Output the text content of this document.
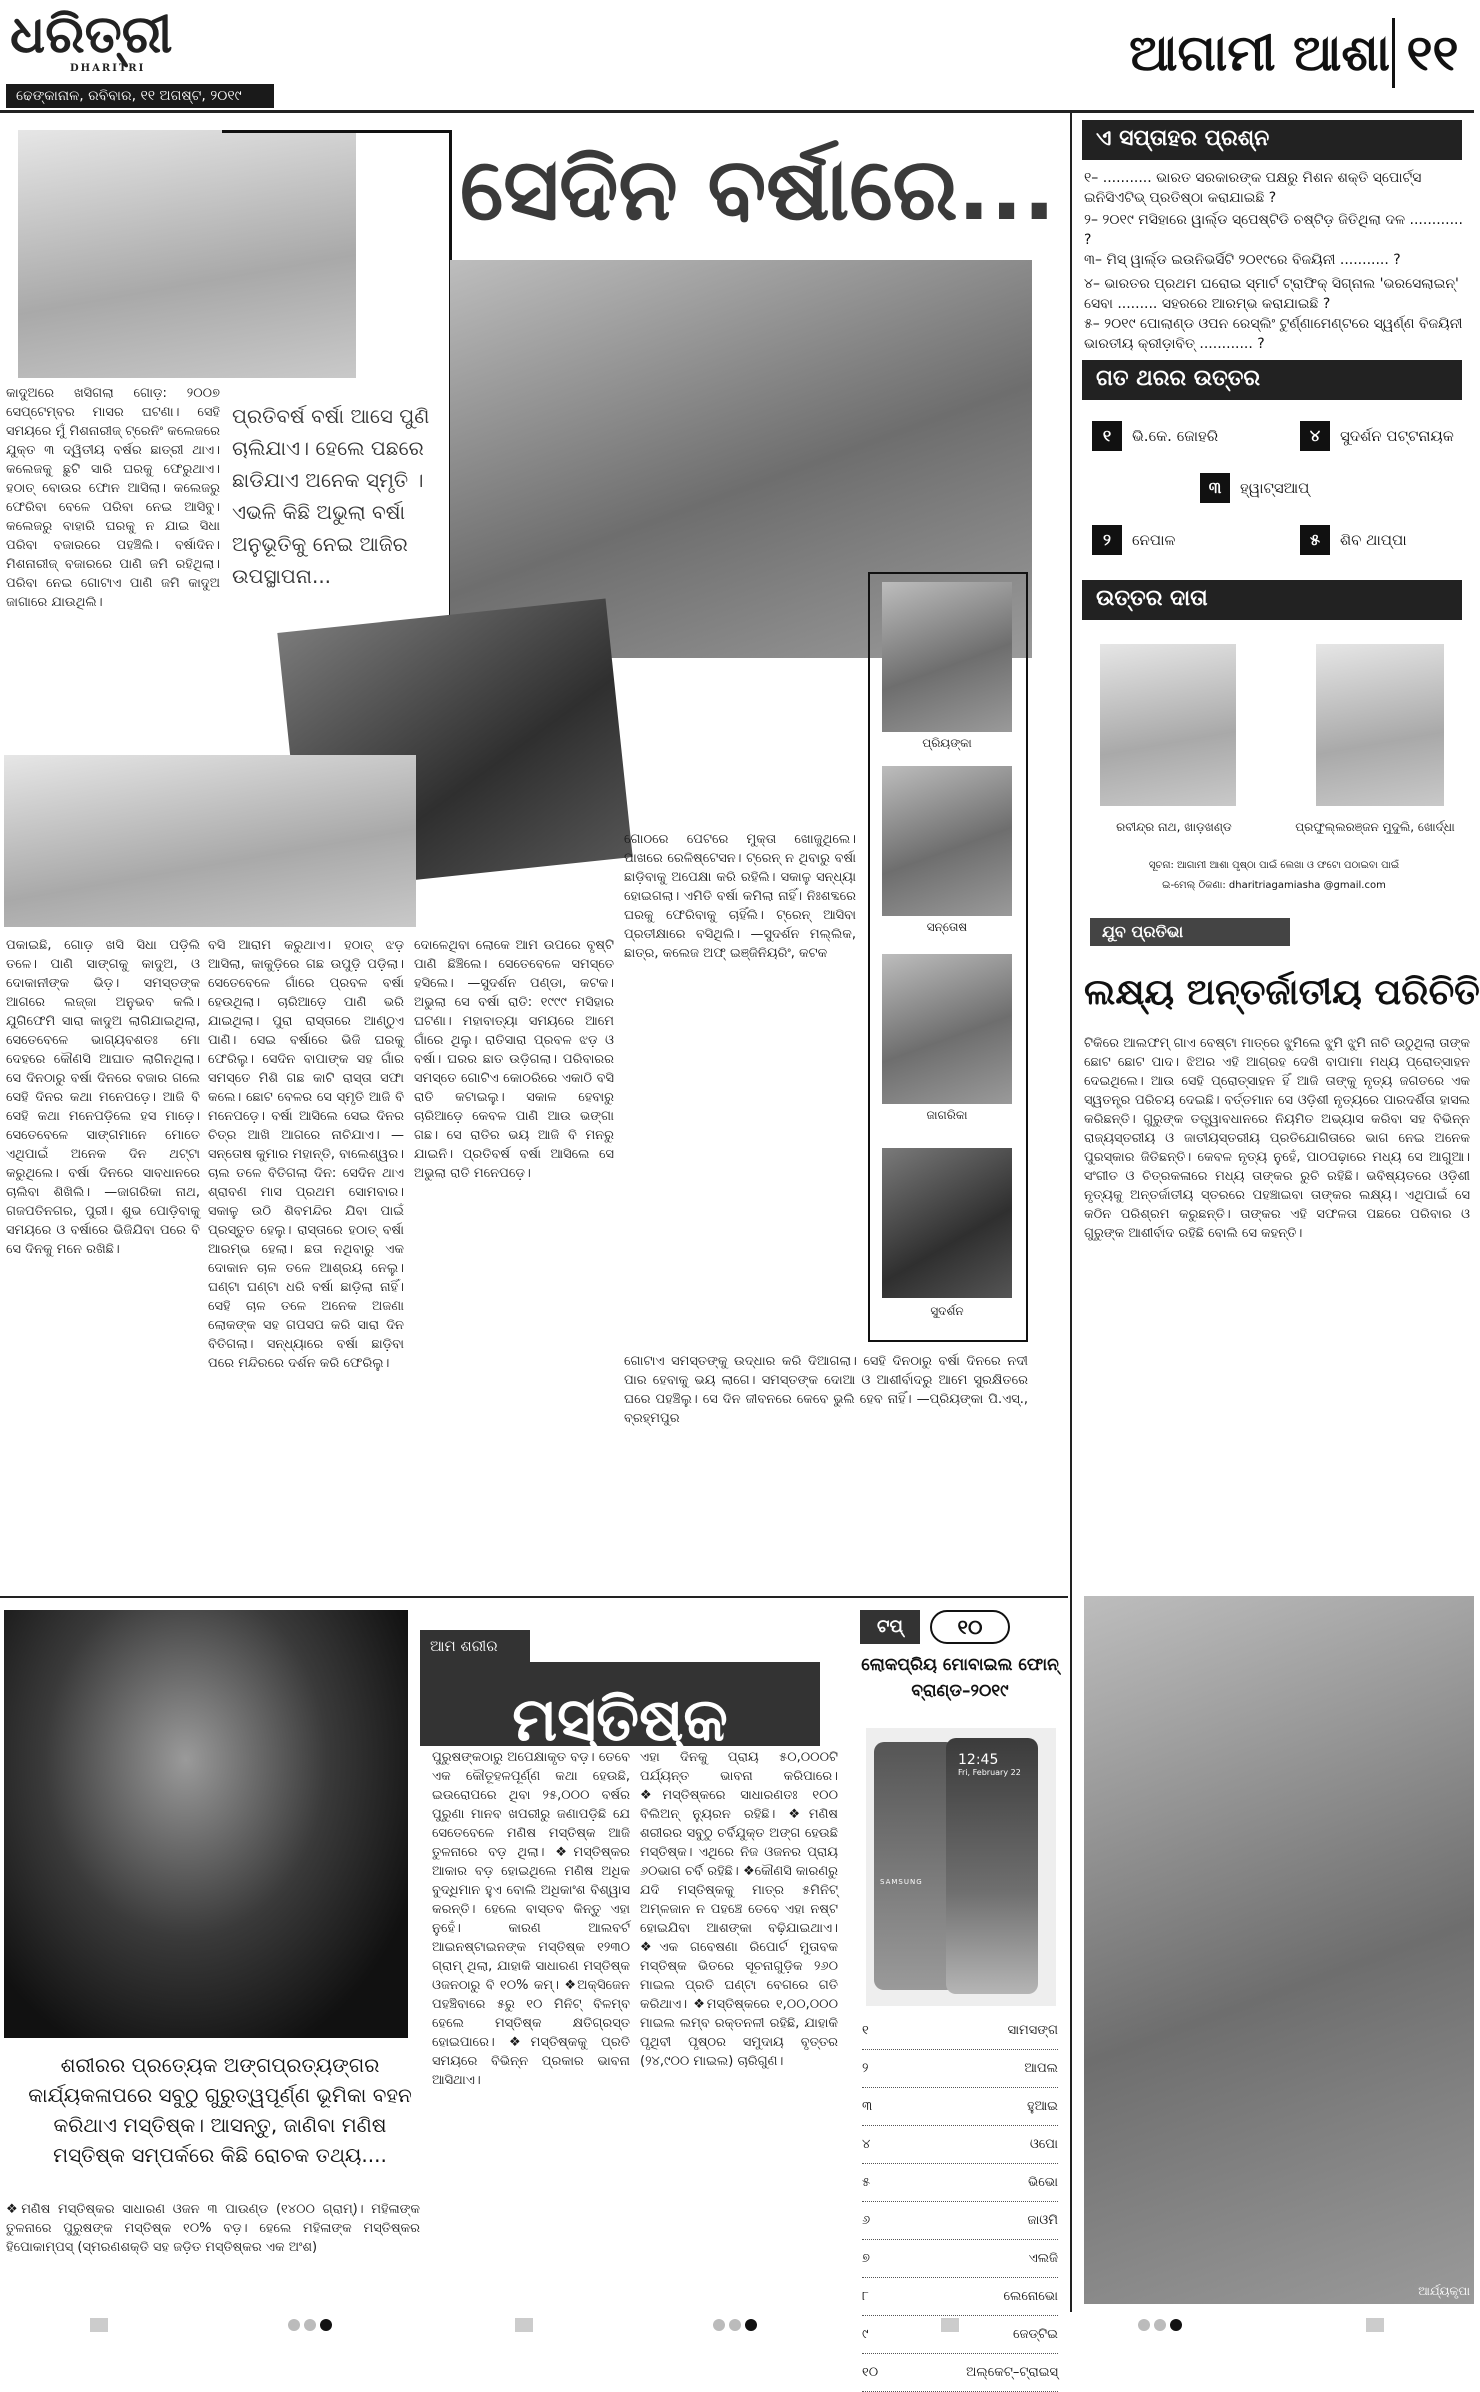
ଧରିତ୍ରୀ
DHARITRI
ଢେଙ୍କାନାଳ, ରବିବାର, ୧୧ ଅଗଷ୍ଟ, ୨୦୧୯
ଆଗାମୀ ଆଶା ୧୧
ସେଦିନ ବର୍ଷାରେ...
କାଦୁଅରେ ଖସିଗଲା ଗୋଡ଼: ୨୦୦୭ ସେପ୍ଟେମ୍ବର ମାସର ଘଟଣା। ସେହି ସମୟରେ ମୁଁ ମିଶନାରୀଜ୍ ଟ୍ରେନିଂ କଲେଜରେ ଯୁକ୍ତ ୩ ଦ୍ୱିତୀୟ ବର୍ଷର ଛାତ୍ରୀ ଥାଏ। କଲେଜକୁ ଛୁଟି ସାରି ଘରକୁ ଫେରୁଥାଏ। ହଠାତ୍ ବୋଉର ଫୋନ ଆସିଲା। କଲେଜରୁ ଫେରିବା ବେଳେ ପରିବା ନେଇ ଆସିବୁ। କଲେଜରୁ ବାହାରି ଘରକୁ ନ ଯାଇ ସିଧା ପରିବା ବଜାରରେ ପହଞ୍ଚିଲି। ବର୍ଷାଦିନ। ମିଶନାରୀଜ୍ ବଜାରରେ ପାଣି ଜମି ରହିଥିଲା। ପରିବା ନେଇ ଗୋଟାଏ ପାଣି ଜମି କାଦୁଅ ଜାଗାରେ ଯାଉଥିଲି।
ପ୍ରତିବର୍ଷ ବର୍ଷା ଆସେ ପୁଣି ଚାଲିଯାଏ। ହେଲେ ପଛରେ ଛାଡିଯାଏ ଅନେକ ସ୍ମୃତି । ଏଭଳି କିଛି ଅଭୁଲା ବର୍ଷା ଅନୁଭୂତିକୁ ନେଇ ଆଜିର ଉପସ୍ଥାପନା...
ପ୍ରିୟଙ୍କା
ସନ୍ତୋଷ
ଜାଗରିକା
ସୁଦର୍ଶନ
ପକାଇଛି, ଗୋଡ଼ ଖସି ସିଧା ପଡ଼ିଲି ତଳେ। ପାଣି ସାଙ୍ଗକୁ କାଦୁଅ, ଓ ଦୋକାନୀଙ୍କ ଭିଡ଼। ସମସ୍ତଙ୍କ ଆଗରେ ଲଜ୍ଜା ଅନୁଭବ କଲି। ଯୁଗିଫେମି ସାରା କାଦୁଅ ଲାଗିଯାଇଥିଲା, ସେତେବେଳେ ଭାଗ୍ୟବଶତଃ ମୋ ଦେହରେ କୌଣସି ଆଘାତ ଲାଗିନଥିଲା। ସେ ଦିନଠାରୁ ବର୍ଷା ଦିନରେ ବଜାର ଗଲେ ସେହି ଦିନର କଥା ମନେପଡ଼େ। ଆଜି ବି ସେହି କଥା ମନେପଡ଼ିଲେ ହସ ମାଡ଼େ। ସେତେବେଳେ ସାଙ୍ଗମାନେ ମୋତେ ଏଥିପାଇଁ ଅନେକ ଦିନ ଥଟ୍ଟା କରୁଥିଲେ। ବର୍ଷା ଦିନରେ ସାବଧାନରେ ଚାଲିବା ଶିଖିଲି। —ଜାଗରିକା ନାଥ, ଗଜପତିନଗର, ପୁରୀ। ଶୁଭ ପୋଡ଼ିବାକୁ ସମୟରେ ଓ ବର୍ଷାରେ ଭିଜିଯିବା ପରେ ବି ସେ ଦିନକୁ ମନେ ରଖିଛି।
ବସି ଆରାମ କରୁଥାଏ। ହଠାତ୍ ଝଡ଼ ଆସିଲା, କାକୁଡ଼ିରେ ଗଛ ଉପୁଡ଼ି ପଡ଼ିଲା। ସେତେବେଳେ ଗାଁରେ ପ୍ରବଳ ବର୍ଷା ହେଉଥିଲା। ଚାରିଆଡ଼େ ପାଣି ଭରି ଯାଇଥିଲା। ପୁରା ରାସ୍ତାରେ ଆଣ୍ଠୁଏ ପାଣି। ସେଇ ବର୍ଷାରେ ଭିଜି ଘରକୁ ଫେରିଲୁ। ସେଦିନ ବାପାଙ୍କ ସହ ଗାଁର ସମସ୍ତେ ମିଶି ଗଛ କାଟି ରାସ୍ତା ସଫା କଲେ। ଛୋଟ ବେଳର ସେ ସ୍ମୃତି ଆଜି ବି ମନେପଡ଼େ। ବର୍ଷା ଆସିଲେ ସେଇ ଦିନର ଚିତ୍ର ଆଖି ଆଗରେ ନାଚିଯାଏ। —ସନ୍ତୋଷ କୁମାର ମହାନ୍ତି, ବାଲେଶ୍ୱର। ଚାଲ ତଳେ ବିତିଗଲା ଦିନ: ସେଦିନ ଥାଏ ଶ୍ରାବଣ ମାସ ପ୍ରଥମ ସୋମବାର। ସକାଳୁ ଉଠି ଶିବମନ୍ଦିର ଯିବା ପାଇଁ ପ୍ରସ୍ତୁତ ହେଲୁ। ରାସ୍ତାରେ ହଠାତ୍ ବର୍ଷା ଆରମ୍ଭ ହେଲା। ଛତା ନଥିବାରୁ ଏକ ଦୋକାନ ଚାଳ ତଳେ ଆଶ୍ରୟ ନେଲୁ। ଘଣ୍ଟା ଘଣ୍ଟା ଧରି ବର୍ଷା ଛାଡ଼ିଲା ନାହିଁ। ସେହି ଚାଳ ତଳେ ଅନେକ ଅଜଣା ଲୋକଙ୍କ ସହ ଗପସପ କରି ସାରା ଦିନ ବିତିଗଲା। ସନ୍ଧ୍ୟାରେ ବର୍ଷା ଛାଡ଼ିବା ପରେ ମନ୍ଦିରରେ ଦର୍ଶନ କରି ଫେରିଲୁ।
ଦୋଳେଥିବା ଲୋକେ ଆମ ଉପରେ ବୃଷ୍ଟି ପାଣି ଛିଞ୍ଚିଲେ। ସେତେବେଳେ ସମସ୍ତେ ହସିଲେ। —ସୁଦର୍ଶନ ପଣ୍ଡା, କଟକ। ଅଭୁଲା ସେ ବର୍ଷା ରାତି: ୧୯୯୯ ମସିହାର ଘଟଣା। ମହାବାତ୍ୟା ସମୟରେ ଆମେ ଗାଁରେ ଥିଲୁ। ରାତିସାରା ପ୍ରବଳ ଝଡ଼ ଓ ବର୍ଷା। ଘରର ଛାତ ଉଡ଼ିଗଲା। ପରିବାରର ସମସ୍ତେ ଗୋଟିଏ କୋଠରିରେ ଏକାଠି ବସି ରାତି କଟାଇଲୁ। ସକାଳ ହେବାରୁ ଚାରିଆଡ଼େ କେବଳ ପାଣି ଆଉ ଭଙ୍ଗା ଗଛ। ସେ ରାତିର ଭୟ ଆଜି ବି ମନରୁ ଯାଇନି। ପ୍ରତିବର୍ଷ ବର୍ଷା ଆସିଲେ ସେ ଅଭୁଲା ରାତି ମନେପଡ଼େ।
ଗୋଠରେ ପେଟରେ ମୁକ୍ତା ଖୋଜୁଥିଲେ। ପାଖରେ ରେଳିଷ୍ଟେସନ। ଟ୍ରେନ୍ ନ ଥିବାରୁ ବର୍ଷା ଛାଡ଼ିବାକୁ ଅପେକ୍ଷା କରି ରହିଲି। ସକାଳୁ ସନ୍ଧ୍ୟା ହୋଇଗଲା। ଏମିତି ବର୍ଷା କମିଲା ନାହିଁ। ନିଃଶବ୍ଦରେ ଘରକୁ ଫେରିବାକୁ ଚାହିଁଲି। ଟ୍ରେନ୍ ଆସିବା ପ୍ରତୀକ୍ଷାରେ ବସିଥିଲି। —ସୁଦର୍ଶନ ମଲ୍ଲିକ, ଛାତ୍ର, କଲେଜ ଅଫ୍ ଇଞ୍ଜିନିୟରିଂ, କଟକ
ଗୋଟାଏ ସମସ୍ତଙ୍କୁ ଉଦ୍ଧାର କରି ଦିଆଗଲା। ସେହି ଦିନଠାରୁ ବର୍ଷା ଦିନରେ ନଦୀ ପାର ହେବାକୁ ଭୟ ଲାଗେ। ସମସ୍ତଙ୍କ ଦୋଆ ଓ ଆଶୀର୍ବାଦରୁ ଆମେ ସୁରକ୍ଷିତରେ ଘରେ ପହଞ୍ଚିଲୁ। ସେ ଦିନ ଜୀବନରେ କେବେ ଭୁଲି ହେବ ନାହିଁ। —ପ୍ରିୟଙ୍କା ପି.ଏସ୍., ବ୍ରହ୍ମପୁର
ଏ ସପ୍ତାହର ପ୍ରଶ୍ନ
୧– ........... ଭାରତ ସରକାରଙ୍କ ପକ୍ଷରୁ ମିଶନ ଶକ୍ତି ସ୍ପୋର୍ଟ୍ସ ଇନିସିଏଟିଭ୍ ପ୍ରତିଷ୍ଠା କରାଯାଇଛି ?
୨– ୨୦୧୯ ମସିହାରେ ୱାର୍ଲ୍ଡ ସ୍ପେଷ୍ଟିଡି ଚଷ୍ଟିଡ଼ ଜିତିଥିଲା ଦଳ ............ ?
୩– ମିସ୍ ୱାର୍ଲ୍ଡ ଇଉନିଭର୍ସିଟି ୨୦୧୯ରେ ବିଜୟିନୀ ........... ?
୪– ଭାରତର ପ୍ରଥମ ଘରୋଇ ସ୍ମାର୍ଟ ଟ୍ରାଫିକ୍ ସିଗ୍ନାଲ 'ଭରସେଲାଇନ୍' ସେବା ......... ସହରରେ ଆରମ୍ଭ କରାଯାଇଛି ?
୫– ୨୦୧୯ ପୋଲାଣ୍ଡ ଓପନ ରେସ୍‌ଲିଂ ଟୁର୍ଣ୍ଣାମେଣ୍ଟରେ ସ୍ୱର୍ଣ୍ଣ ବିଜୟିନୀ ଭାରତୀୟ କ୍ରୀଡ଼ାବିତ୍ ............ ?
ଗତ ଥରର ଉତ୍ତର
୧ ଭି.କେ. ଜୋହରି	୪ ସୁଦର୍ଶନ ପଟ୍ଟନାୟକ
୩ ହ୍ୱାଟ୍ସଆପ୍
୨ ନେପାଳ	୫ ଶିବ ଥାପ୍ପା
ଉତ୍ତର ଦାତା
ରବୀନ୍ଦ୍ର ନାଥ, ଖାଡ଼ଖଣ୍ଡ	ପ୍ରଫୁଲ୍ଲରଞ୍ଜନ ମୁଦୁଲି, ଖୋର୍ଦ୍ଧା
ସୂଚନା: ଆଗାମୀ ଆଶା ପୃଷ୍ଠା ପାଇଁ ଲେଖା ଓ ଫଟୋ ପଠାଇବା ପାଇଁ
ଇ-ମେଲ୍ ଠିକଣା: dharitriagamiasha @gmail.com
ଯୁବ ପ୍ରତିଭା
ଲକ୍ଷ୍ୟ ଅନ୍ତର୍ଜାତୀୟ ପରିଚିତି
ଟିକିରେ ଆଲଫମ୍ ଗାଏ ବେଷ୍ଟା ମାତ୍ରେ ଝୁମିଲେ ଝୁମି ଝୁମି ନାଚି ଉଠୁଥିଲା ତାଙ୍କ ଛୋଟ ଛୋଟ ପାଦ। ଝିଅର ଏହି ଆଗ୍ରହ ଦେଖି ବାପାମା ମଧ୍ୟ ପ୍ରୋତ୍ସାହନ ଦେଇଥିଲେ। ଆଉ ସେହି ପ୍ରୋତ୍ସାହନ ହିଁ ଆଜି ତାଙ୍କୁ ନୃତ୍ୟ ଜଗତରେ ଏକ ସ୍ୱତନ୍ତ୍ର ପରିଚୟ ଦେଇଛି। ବର୍ତ୍ତମାନ ସେ ଓଡ଼ିଶୀ ନୃତ୍ୟରେ ପାରଦର୍ଶିତା ହାସଲ କରିଛନ୍ତି। ଗୁରୁଙ୍କ ତତ୍ତ୍ୱାବଧାନରେ ନିୟମିତ ଅଭ୍ୟାସ କରିବା ସହ ବିଭିନ୍ନ ରାଜ୍ୟସ୍ତରୀୟ ଓ ଜାତୀୟସ୍ତରୀୟ ପ୍ରତିଯୋଗିତାରେ ଭାଗ ନେଇ ଅନେକ ପୁରସ୍କାର ଜିତିଛନ୍ତି। କେବଳ ନୃତ୍ୟ ନୁହେଁ, ପାଠପଢ଼ାରେ ମଧ୍ୟ ସେ ଆଗୁଆ। ସଂଗୀତ ଓ ଚିତ୍ରକଳାରେ ମଧ୍ୟ ତାଙ୍କର ରୁଚି ରହିଛି। ଭବିଷ୍ୟତରେ ଓଡ଼ିଶୀ ନୃତ୍ୟକୁ ଅନ୍ତର୍ଜାତୀୟ ସ୍ତରରେ ପହଞ୍ଚାଇବା ତାଙ୍କର ଲକ୍ଷ୍ୟ। ଏଥିପାଇଁ ସେ କଠିନ ପରିଶ୍ରମ କରୁଛନ୍ତି। ତାଙ୍କର ଏହି ସଫଳତା ପଛରେ ପରିବାର ଓ ଗୁରୁଙ୍କ ଆଶୀର୍ବାଦ ରହିଛି ବୋଲି ସେ କହନ୍ତି।
ଆର୍ଯ୍ୟକୃପା
ଆମ ଶରୀର
ମସ୍ତିଷ୍କ
ଶରୀରର ପ୍ରତ୍ୟେକ ଅଙ୍ଗପ୍ରତ୍ୟଙ୍ଗର କାର୍ଯ୍ୟକଳାପରେ ସବୁଠୁ ଗୁରୁତ୍ୱପୂର୍ଣ୍ଣ ଭୂମିକା ବହନ କରିଥାଏ ମସ୍ତିଷ୍କ। ଆସନ୍ତୁ, ଜାଣିବା ମଣିଷ ମସ୍ତିଷ୍କ ସମ୍ପର୍କରେ କିଛି ରୋଚକ ତଥ୍ୟ....
❖ମଣିଷ ମସ୍ତିଷ୍କର ସାଧାରଣ ଓଜନ ୩ ପାଉଣ୍ଡ (୧୪୦୦ ଗ୍ରାମ୍)। ମହିଳାଙ୍କ ତୁଳନାରେ ପୁରୁଷଙ୍କ ମସ୍ତିଷ୍କ ୧୦% ବଡ଼। ହେଲେ ମହିଳାଙ୍କ ମସ୍ତିଷ୍କର ହିପୋକାମ୍ପସ୍ (ସ୍ମରଣଶକ୍ତି ସହ ଜଡ଼ିତ ମସ୍ତିଷ୍କର ଏକ ଅଂଶ)
ପୁରୁଷଙ୍କଠାରୁ ଅପେକ୍ଷାକୃତ ବଡ଼। ତେବେ ଏକ କୌତୂହଳପୂର୍ଣ୍ଣ କଥା ହେଉଛି, ଇଉରୋପରେ ଥିବା ୨୫,୦୦୦ ବର୍ଷର ପୁରୁଣା ମାନବ ଖପରୀରୁ ଜଣାପଡ଼ିଛି ଯେ ସେତେବେଳେ ମଣିଷ ମସ୍ତିଷ୍କ ଆଜି ତୁଳନାରେ ବଡ଼ ଥିଲା। ❖ମସ୍ତିଷ୍କର ଆକାର ବଡ଼ ହୋଇଥିଲେ ମଣିଷ ଅଧିକ ବୁଦ୍ଧିମାନ ହୁଏ ବୋଲି ଅଧିକାଂଶ ବିଶ୍ୱାସ କରନ୍ତି। ହେଲେ ବାସ୍ତବ କିନ୍ତୁ ଏହା ନୁହେଁ। କାରଣ ଆଲବର୍ଟ ଆଇନଷ୍ଟାଇନଙ୍କ ମସ୍ତିଷ୍କ ୧୨୩୦ ଗ୍ରାମ୍ ଥିଲା, ଯାହାକି ସାଧାରଣ ମସ୍ତିଷ୍କ ଓଜନଠାରୁ ବି ୧୦% କମ୍। ❖ଅକ୍ସିଜେନ ପହଞ୍ଚିବାରେ ୫ରୁ ୧୦ ମିନିଟ୍ ବିଳମ୍ବ ହେଲେ ମସ୍ତିଷ୍କ କ୍ଷତିଗ୍ରସ୍ତ ହୋଇପାରେ। ❖ମସ୍ତିଷ୍କକୁ ପ୍ରତି ସମୟରେ ବିଭିନ୍ନ ପ୍ରକାର ଭାବନା ଆସିଥାଏ।
ଏହା ଦିନକୁ ପ୍ରାୟ ୫୦,୦୦୦ଟି ପର୍ଯ୍ୟନ୍ତ ଭାବନା କରିପାରେ। ❖ମସ୍ତିଷ୍କରେ ସାଧାରଣତଃ ୧୦୦ ବିଲିଅନ୍ ନ୍ୟୁରନ ରହିଛି। ❖ମଣିଷ ଶରୀରର ସବୁଠୁ ଚର୍ବିଯୁକ୍ତ ଅଙ୍ଗ ହେଉଛି ମସ୍ତିଷ୍କ। ଏଥିରେ ନିଜ ଓଜନର ପ୍ରାୟ ୬୦ଭାଗ ଚର୍ବି ରହିଛି। ❖କୌଣସି କାରଣରୁ ଯଦି ମସ୍ତିଷ୍କକୁ ମାତ୍ର ୫ମିନିଟ୍ ଅମ୍ଳଜାନ ନ ପହଞ୍ଚେ ତେବେ ଏହା ନଷ୍ଟ ହୋଇଯିବା ଆଶଙ୍କା ବଢ଼ିଯାଇଥାଏ। ❖ଏକ ଗବେଷଣା ରିପୋର୍ଟ ମୁତାବକ ମସ୍ତିଷ୍କ ଭିତରେ ସୂଚନାଗୁଡ଼ିକ ୨୬୦ ମାଇଲ ପ୍ରତି ଘଣ୍ଟା ବେଗରେ ଗତି କରିଥାଏ। ❖ମସ୍ତିଷ୍କରେ ୧,୦୦,୦୦୦ ମାଇଲ ଲମ୍ବ ରକ୍ତନଳୀ ରହିଛି, ଯାହାକି ପୃଥିବୀ ପୃଷ୍ଠର ସମୁଦାୟ ବୃତ୍ତର (୨୪,୯୦୦ ମାଇଲ) ଚାରିଗୁଣ।
ଟପ୍	୧୦
ଲୋକପ୍ରିୟ ମୋବାଇଲ ଫୋନ୍ ବ୍ରାଣ୍ଡ–୨୦୧୯
12:45
Fri, February 22
SAMSUNG
୧	ସାମସଙ୍ଗ
୨	ଆପଲ
୩	ହୁଆଇ
୪	ଓପୋ
୫	ଭିଭୋ
୬	ଜାଓମି
୭	ଏଲଜି
୮	ଲେନୋଭୋ
୯	ଜେଡ୍‌ଟିଇ
୧୦	ଅଲ୍‌କେଟ୍–ଟ୍ରାଇସ୍
